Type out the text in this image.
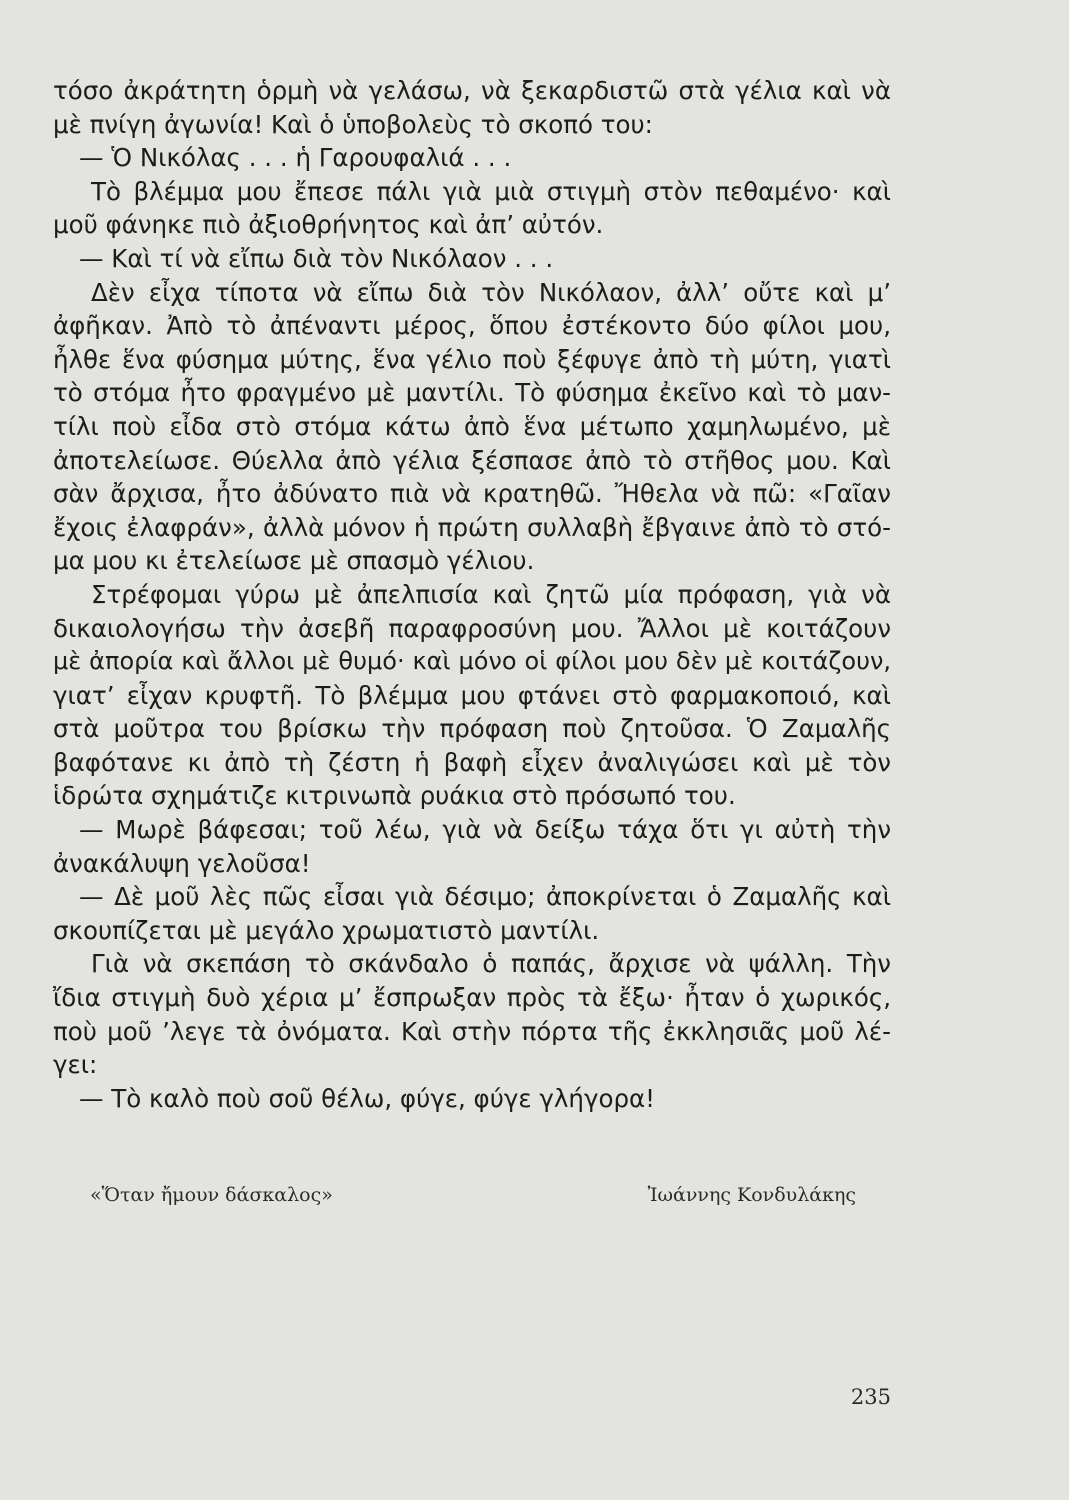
τόσο ἀκράτητη ὁρμὴ νὰ γελάσω, νὰ ξεκαρδιστῶ στὰ γέλια καὶ νὰ
μὲ πνίγη ἀγωνία! Καὶ ὁ ὑποβολεὺς τὸ σκοπό του:
— Ὁ Νικόλας . . . ἡ Γαρουφαλιά . . .
Τὸ βλέμμα μου ἔπεσε πάλι γιὰ μιὰ στιγμὴ στὸν πεθαμένο· καὶ
μοῦ φάνηκε πιὸ ἀξιοθρήνητος καὶ ἀπ’ αὐτόν.
— Καὶ τί νὰ εἴπω διὰ τὸν Νικόλαον . . .
Δὲν εἶχα τίποτα νὰ εἴπω διὰ τὸν Νικόλαον, ἀλλ’ οὔτε καὶ μ’
ἀφῆκαν. Ἀπὸ τὸ ἀπέναντι μέρος, ὅπου ἐστέκοντο δύο φίλοι μου,
ἦλθε ἕνα φύσημα μύτης, ἕνα γέλιο ποὺ ξέφυγε ἀπὸ τὴ μύτη, γιατὶ
τὸ στόμα ἦτο φραγμένο μὲ μαντίλι. Τὸ φύσημα ἐκεῖνο καὶ τὸ μαν-
τίλι ποὺ εἶδα στὸ στόμα κάτω ἀπὸ ἕνα μέτωπο χαμηλωμένο, μὲ
ἀποτελείωσε. Θύελλα ἀπὸ γέλια ξέσπασε ἀπὸ τὸ στῆθος μου. Καὶ
σὰν ἄρχισα, ἦτο ἀδύνατο πιὰ νὰ κρατηθῶ. Ἤθελα νὰ πῶ: «Γαῖαν
ἔχοις ἐλαφράν», ἀλλὰ μόνον ἡ πρώτη συλλαβὴ ἔβγαινε ἀπὸ τὸ στό-
μα μου κι ἐτελείωσε μὲ σπασμὸ γέλιου.
Στρέφομαι γύρω μὲ ἀπελπισία καὶ ζητῶ μία πρόφαση, γιὰ νὰ
δικαιολογήσω τὴν ἀσεβῆ παραφροσύνη μου. Ἄλλοι μὲ κοιτάζουν
μὲ ἀπορία καὶ ἄλλοι μὲ θυμό· καὶ μόνο οἱ φίλοι μου δὲν μὲ κοιτάζουν,
γιατ’ εἶχαν κρυφτῆ. Τὸ βλέμμα μου φτάνει στὸ φαρμακοποιό, καὶ
στὰ μοῦτρα του βρίσκω τὴν πρόφαση ποὺ ζητοῦσα. Ὁ Ζαμαλῆς
βαφότανε κι ἀπὸ τὴ ζέστη ἡ βαφὴ εἶχεν ἀναλιγώσει καὶ μὲ τὸν
ἱδρώτα σχημάτιζε κιτρινωπὰ ρυάκια στὸ πρόσωπό του.
— Μωρὲ βάφεσαι; τοῦ λέω, γιὰ νὰ δείξω τάχα ὅτι γι αὐτὴ τὴν
ἀνακάλυψη γελοῦσα!
— Δὲ μοῦ λὲς πῶς εἶσαι γιὰ δέσιμο; ἀποκρίνεται ὁ Ζαμαλῆς καὶ
σκουπίζεται μὲ μεγάλο χρωματιστὸ μαντίλι.
Γιὰ νὰ σκεπάση τὸ σκάνδαλο ὁ παπάς, ἄρχισε νὰ ψάλλη. Τὴν
ἴδια στιγμὴ δυὸ χέρια μ’ ἔσπρωξαν πρὸς τὰ ἔξω· ἦταν ὁ χωρικός,
ποὺ μοῦ ’λεγε τὰ ὀνόματα. Καὶ στὴν πόρτα τῆς ἐκκλησιᾶς μοῦ λέ-
γει:
— Τὸ καλὸ ποὺ σοῦ θέλω, φύγε, φύγε γλήγορα!
«Ὅταν ἤμουν δάσκαλος»	Ἰωάννης Κονδυλάκης
235
